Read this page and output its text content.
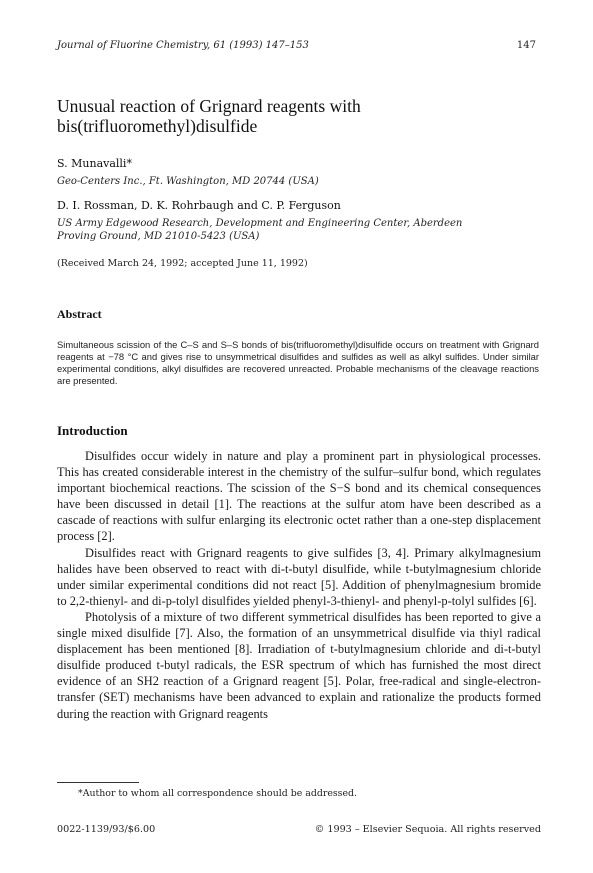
Journal of Fluorine Chemistry, 61 (1993) 147–153	147
Unusual reaction of Grignard reagents with
bis(trifluoromethyl)disulfide
S. Munavalli*
Geo-Centers Inc., Ft. Washington, MD 20744 (USA)
D. I. Rossman, D. K. Rohrbaugh and C. P. Ferguson
US Army Edgewood Research, Development and Engineering Center, Aberdeen
Proving Ground, MD 21010-5423 (USA)
(Received March 24, 1992; accepted June 11, 1992)
Abstract
Simultaneous scission of the C–S and S–S bonds of bis(trifluoromethyl)disulfide occurs on treatment with Grignard reagents at −78 °C and gives rise to unsymmetrical disulfides and sulfides as well as alkyl sulfides. Under similar experimental conditions, alkyl disulfides are recovered unreacted. Probable mechanisms of the cleavage reactions are presented.
Introduction

Disulfides occur widely in nature and play a prominent part in physiological processes. This has created considerable interest in the chemistry of the sulfur–sulfur bond, which regulates important biochemical reactions. The scission of the S−S bond and its chemical consequences have been discussed in detail [1]. The reactions at the sulfur atom have been described as a cascade of reactions with sulfur enlarging its electronic octet rather than a one-step displacement process [2].

Disulfides react with Grignard reagents to give sulfides [3, 4]. Primary alkylmagnesium halides have been observed to react with di-t-butyl disulfide, while t-butylmagnesium chloride under similar experimental conditions did not react [5]. Addition of phenylmagnesium bromide to 2,2-thienyl- and di-p-tolyl disulfides yielded phenyl-3-thienyl- and phenyl-p-tolyl sulfides [6].

Photolysis of a mixture of two different symmetrical disulfides has been reported to give a single mixed disulfide [7]. Also, the formation of an unsymmetrical disulfide via thiyl radical displacement has been mentioned [8]. Irradiation of t-butylmagnesium chloride and di-t-butyl disulfide produced t-butyl radicals, the ESR spectrum of which has furnished the most direct evidence of an SH2 reaction of a Grignard reagent [5]. Polar, free-radical and single-electron-transfer (SET) mechanisms have been advanced to explain and rationalize the products formed during the reaction with Grignard reagents

*Author to whom all correspondence should be addressed.
0022-1139/93/$6.00	© 1993 – Elsevier Sequoia. All rights reserved
